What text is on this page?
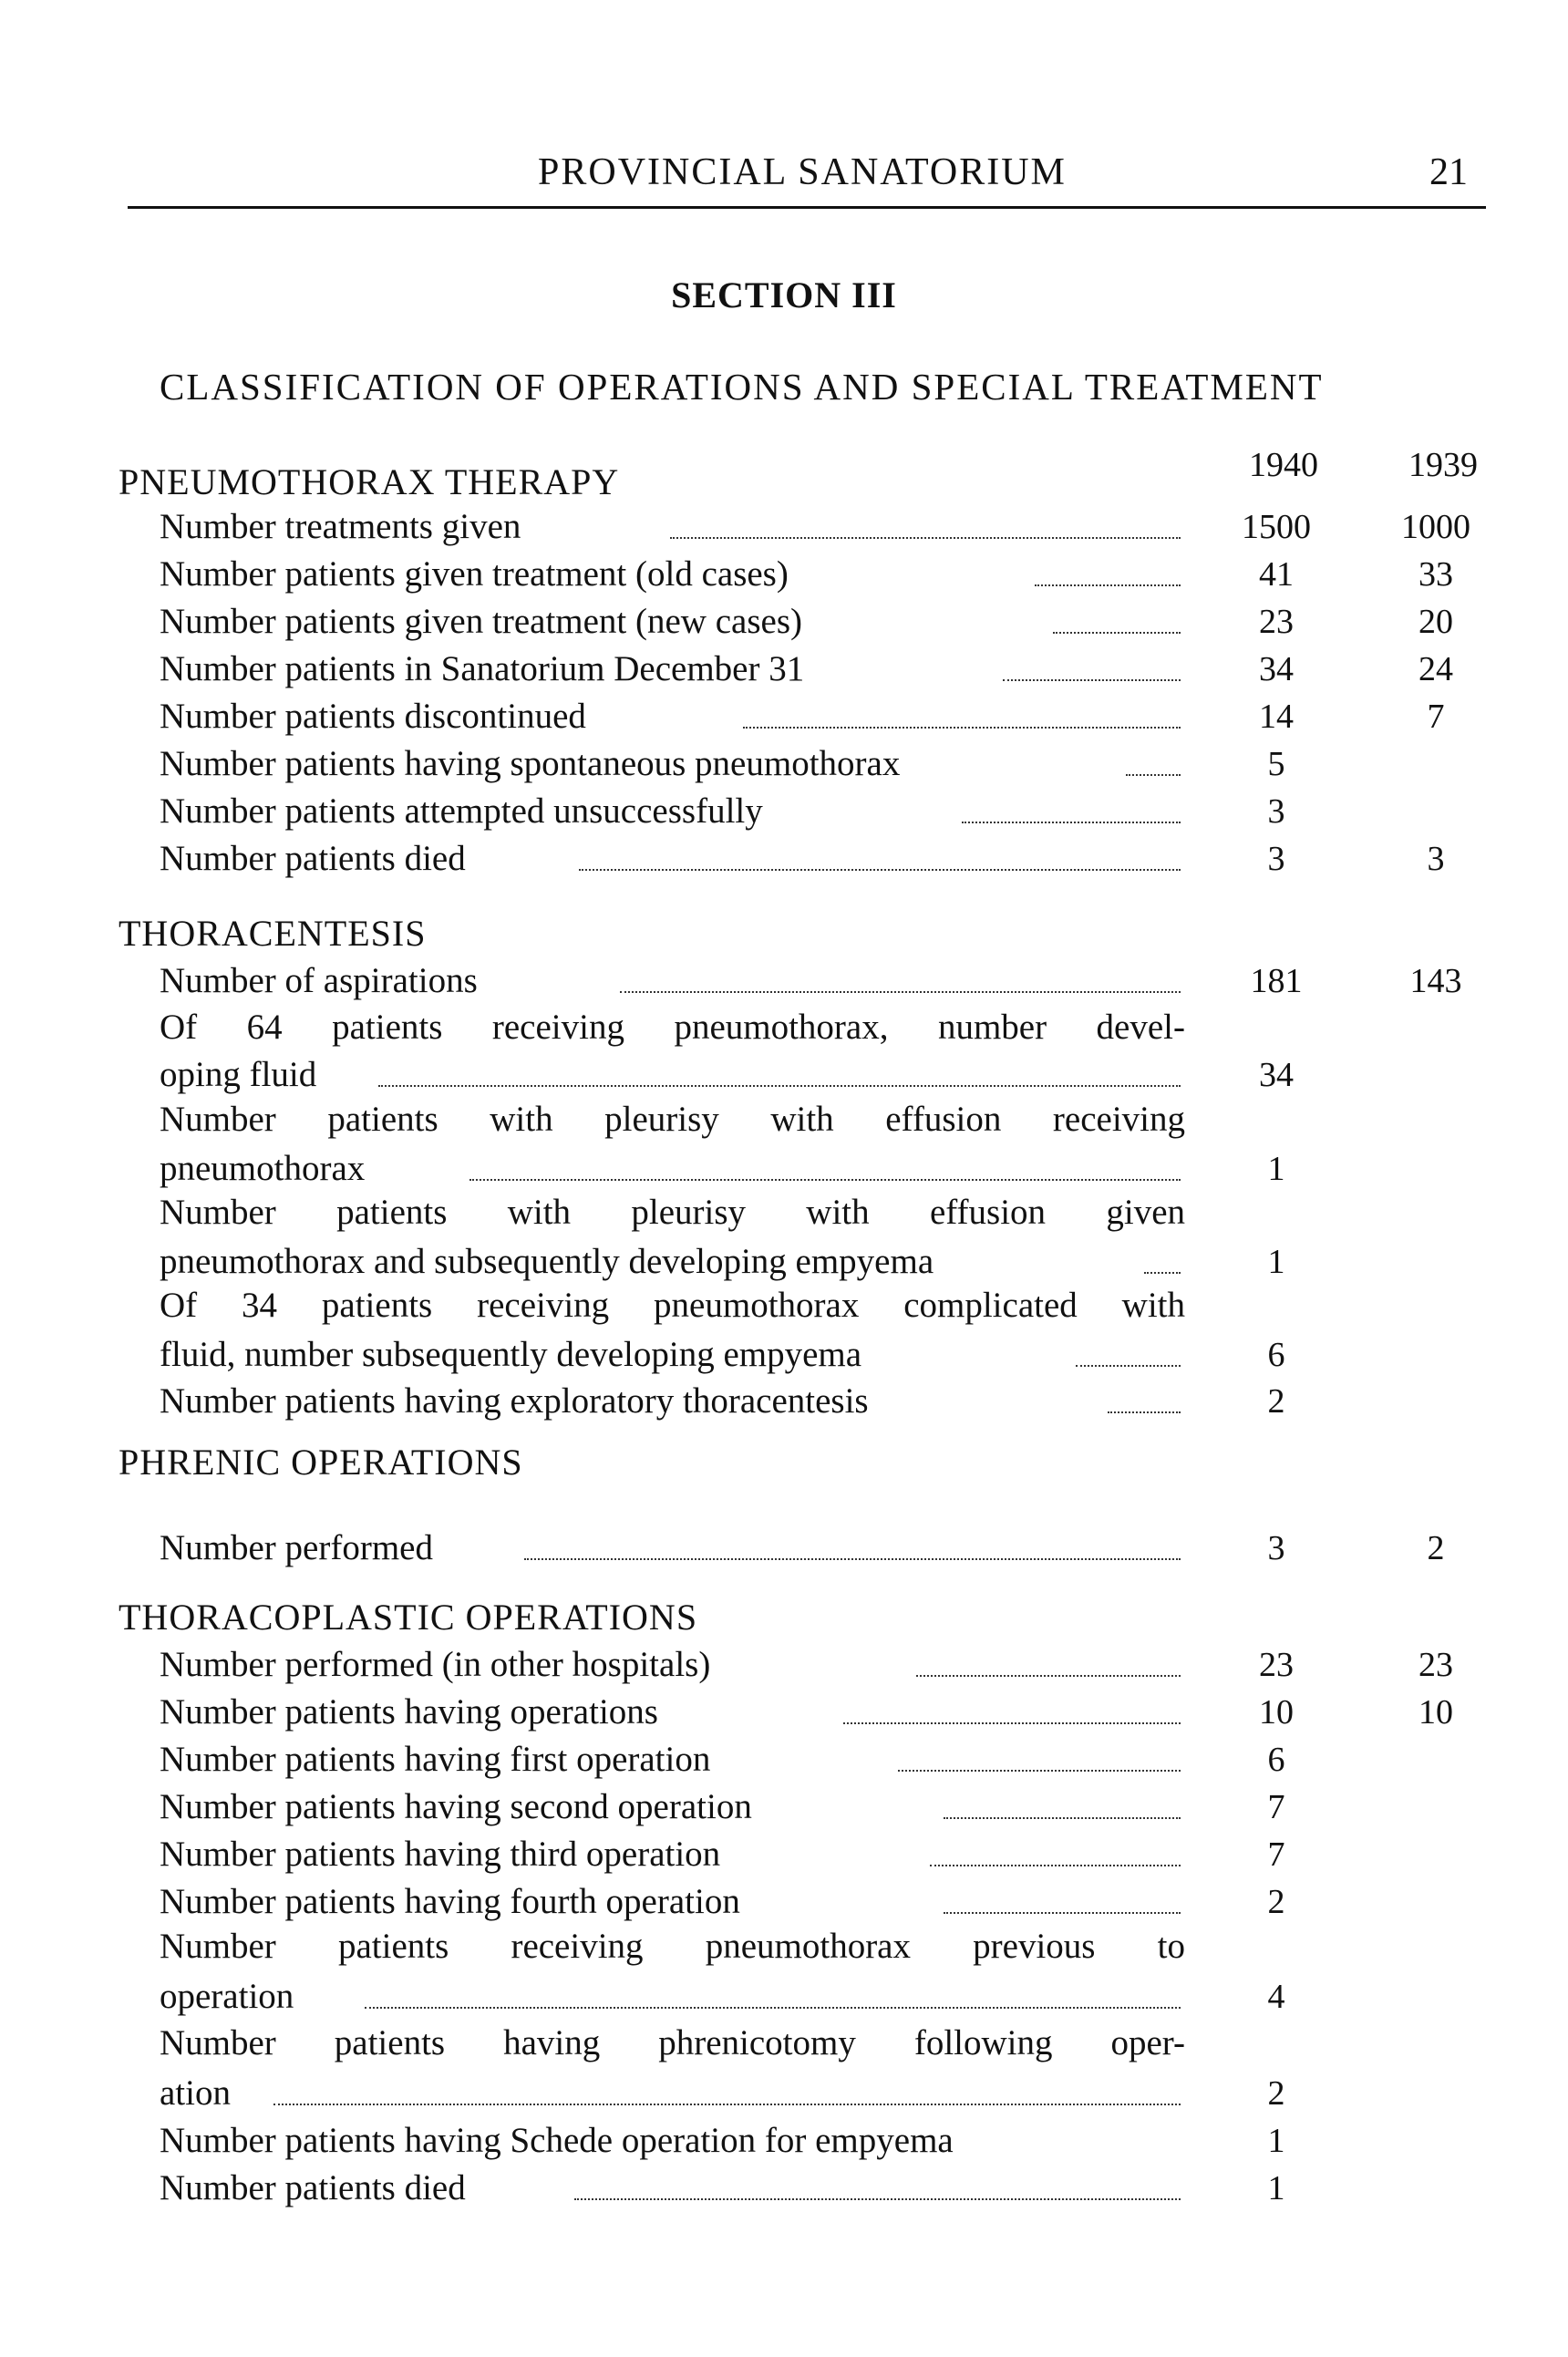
PROVINCIAL SANATORIUM	21
SECTION III
CLASSIFICATION OF OPERATIONS AND SPECIAL TREATMENT
PNEUMOTHORAX THERAPY	1940	1939
Number treatments given	1500	1000
Number patients given treatment (old cases)	41	33
Number patients given treatment (new cases)	23	20
Number patients in Sanatorium December 31	34	24
Number patients discontinued	14	7
Number patients having spontaneous pneumothorax	5
Number patients attempted unsuccessfully	3
Number patients died	3	3
THORACENTESIS
Number of aspirations	181	143
Of 64 patients receiving pneumothorax, number devel-
oping fluid	34
Number patients with pleurisy with effusion receiving
pneumothorax	1
Number patients with pleurisy with effusion given
pneumothorax and subsequently developing empyema	1
Of 34 patients receiving pneumothorax complicated with
fluid, number subsequently developing empyema	6
Number patients having exploratory thoracentesis	2
PHRENIC OPERATIONS
Number performed	3	2
THORACOPLASTIC OPERATIONS
Number performed (in other hospitals)	23	23
Number patients having operations	10	10
Number patients having first operation	6
Number patients having second operation	7
Number patients having third operation	7
Number patients having fourth operation	2
Number patients receiving pneumothorax previous to
operation	4
Number patients having phrenicotomy following oper-
ation	2
Number patients having Schede operation for empyema	1
Number patients died	1
